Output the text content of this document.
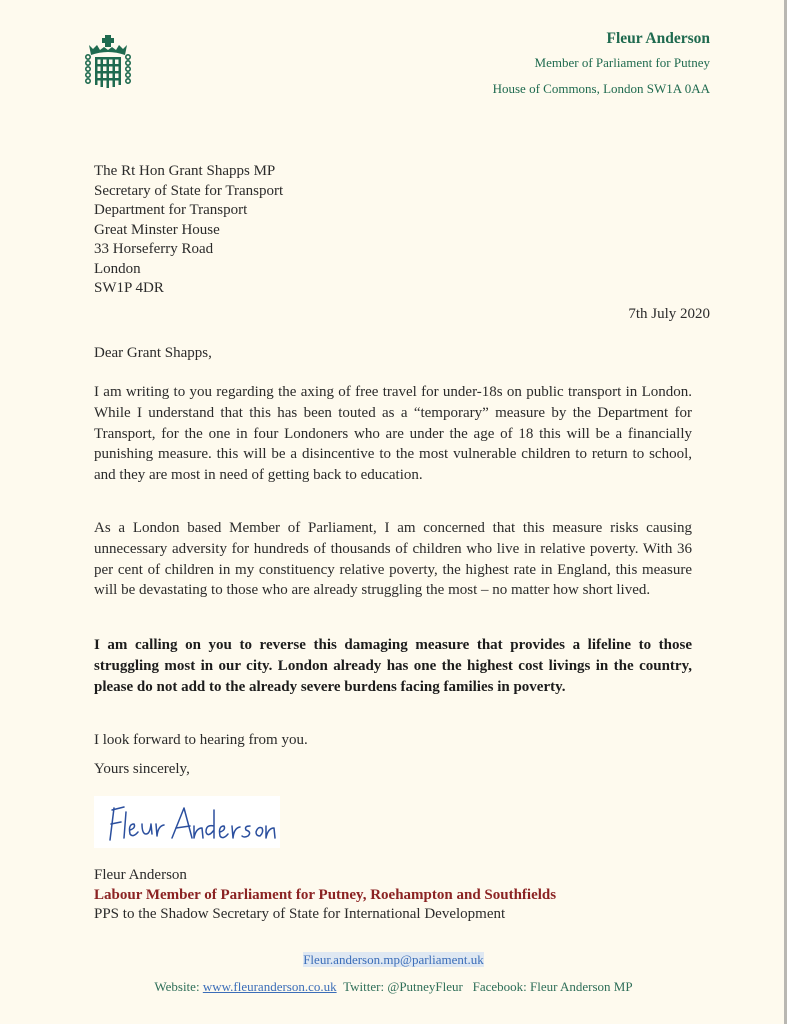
Fleur Anderson
Member of Parliament for Putney
House of Commons, London SW1A 0AA
The Rt Hon Grant Shapps MP
Secretary of State for Transport
Department for Transport
Great Minster House
33 Horseferry Road
London
SW1P 4DR
7th July 2020
Dear Grant Shapps,
I am writing to you regarding the axing of free travel for under-18s on public transport in London. While I understand that this has been touted as a “temporary” measure by the Department for Transport, for the one in four Londoners who are under the age of 18 this will be a financially punishing measure. this will be a disincentive to the most vulnerable children to return to school, and they are most in need of getting back to education.
As a London based Member of Parliament, I am concerned that this measure risks causing unnecessary adversity for hundreds of thousands of children who live in relative poverty. With 36 per cent of children in my constituency relative poverty, the highest rate in England, this measure will be devastating to those who are already struggling the most – no matter how short lived.
I am calling on you to reverse this damaging measure that provides a lifeline to those struggling most in our city. London already has one the highest cost livings in the country, please do not add to the already severe burdens facing families in poverty.
I look forward to hearing from you.
Yours sincerely,
Fleur Anderson
Labour Member of Parliament for Putney, Roehampton and Southfields
PPS to the Shadow Secretary of State for International Development
Fleur.anderson.mp@parliament.uk
Website: www.fleuranderson.co.uk Twitter: @PutneyFleur Facebook: Fleur Anderson MP
